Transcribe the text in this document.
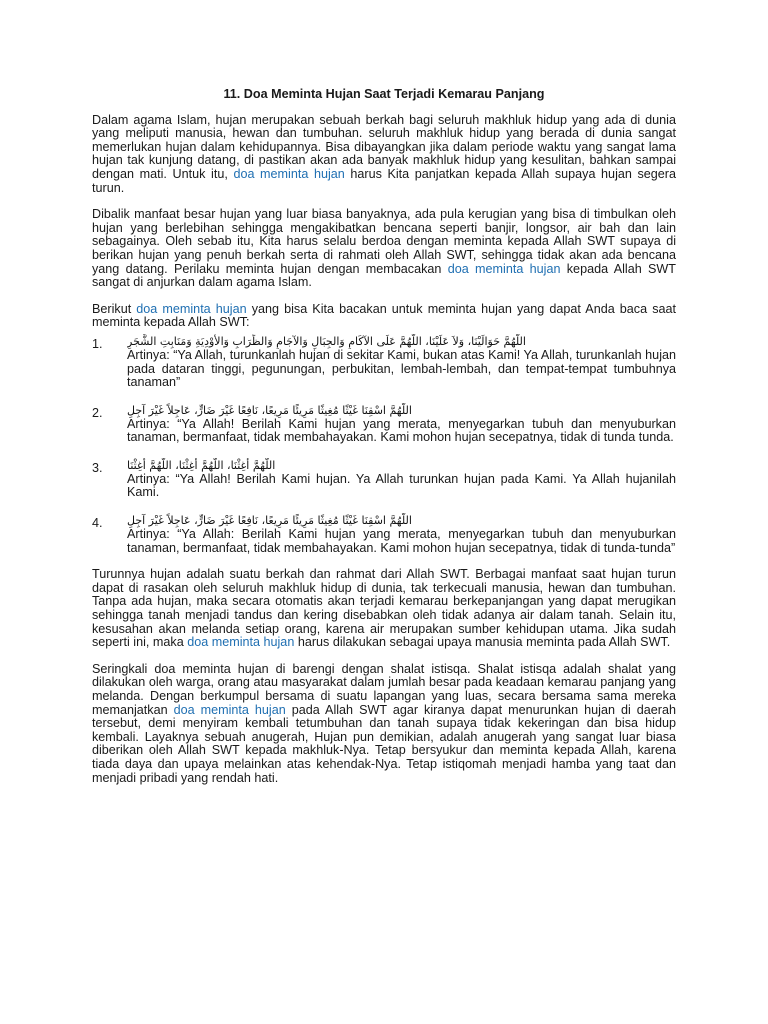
11. Doa Meminta Hujan Saat Terjadi Kemarau Panjang

Dalam agama Islam, hujan merupakan sebuah berkah bagi seluruh makhluk hidup yang ada di dunia yang meliputi manusia, hewan dan tumbuhan. seluruh makhluk hidup yang berada di dunia sangat memerlukan hujan dalam kehidupannya. Bisa dibayangkan jika dalam periode waktu yang sangat lama hujan tak kunjung datang, di pastikan akan ada banyak makhluk hidup yang kesulitan, bahkan sampai dengan mati. Untuk itu, doa meminta hujan harus Kita panjatkan kepada Allah supaya hujan segera turun.

Dibalik manfaat besar hujan yang luar biasa banyaknya, ada pula kerugian yang bisa di timbulkan oleh hujan yang berlebihan sehingga mengakibatkan bencana seperti banjir, longsor, air bah dan lain sebagainya. Oleh sebab itu, Kita harus selalu berdoa dengan meminta kepada Allah SWT supaya di berikan hujan yang penuh berkah serta di rahmati oleh Allah SWT, sehingga tidak akan ada bencana yang datang. Perilaku meminta hujan dengan membacakan doa meminta hujan kepada Allah SWT sangat di anjurkan dalam agama Islam.

Berikut doa meminta hujan yang bisa Kita bacakan untuk meminta hujan yang dapat Anda baca saat meminta kepada Allah SWT:

1. اللَّهُمَّ حَوَالَيْنَا، وَلاَ عَلَيْنَا، اللَّهُمَّ عَلَى الآكَامِ وَالجِبَالِ وَالآجَامِ وَالظِّرَابِ وَالأَوْدِيَةِ وَمَنَابِتِ الشَّجَرِ
Artinya: “Ya Allah, turunkanlah hujan di sekitar Kami, bukan atas Kami! Ya Allah, turunkanlah hujan pada dataran tinggi, pegunungan, perbukitan, lembah-lembah, dan tempat-tempat tumbuhnya tanaman”
2. اللَّهُمَّ اسْقِنَا غَيْثًا مُغِيثًا مَرِيئًا مَرِيعًا، نَافِعًا غَيْرَ ضَارٍّ، عَاجِلاً غَيْرَ آجِلٍ
Artinya: “Ya Allah! Berilah Kami hujan yang merata, menyegarkan tubuh dan menyuburkan tanaman, bermanfaat, tidak membahayakan. Kami mohon hujan secepatnya, tidak di tunda tunda.
3. اللَّهُمَّ أَغِثْنَا، اللَّهُمَّ أَغِثْنَا، اللَّهُمَّ أَغِثْنَا
Artinya: “Ya Allah! Berilah Kami hujan. Ya Allah turunkan hujan pada Kami. Ya Allah hujanilah Kami.
4. اللَّهُمَّ اسْقِنَا غَيْثًا مُغِيثًا مَرِيئًا مَرِيعًا، نَافِعًا غَيْرَ ضَارٍّ، عَاجِلاً غَيْرَ آجِلٍ
Artinya: “Ya Allah: Berilah Kami hujan yang merata, menyegarkan tubuh dan menyuburkan tanaman, bermanfaat, tidak membahayakan. Kami mohon hujan secepatnya, tidak di tunda-tunda”

Turunnya hujan adalah suatu berkah dan rahmat dari Allah SWT. Berbagai manfaat saat hujan turun dapat di rasakan oleh seluruh makhluk hidup di dunia, tak terkecuali manusia, hewan dan tumbuhan. Tanpa ada hujan, maka secara otomatis akan terjadi kemarau berkepanjangan yang dapat merugikan sehingga tanah menjadi tandus dan kering disebabkan oleh tidak adanya air dalam tanah. Selain itu, kesusahan akan melanda setiap orang, karena air merupakan sumber kehidupan utama. Jika sudah seperti ini, maka doa meminta hujan harus dilakukan sebagai upaya manusia meminta pada Allah SWT.

Seringkali doa meminta hujan di barengi dengan shalat istisqa. Shalat istisqa adalah shalat yang dilakukan oleh warga, orang atau masyarakat dalam jumlah besar pada keadaan kemarau panjang yang melanda. Dengan berkumpul bersama di suatu lapangan yang luas, secara bersama sama mereka memanjatkan doa meminta hujan pada Allah SWT agar kiranya dapat menurunkan hujan di daerah tersebut, demi menyiram kembali tetumbuhan dan tanah supaya tidak kekeringan dan bisa hidup kembali. Layaknya sebuah anugerah, Hujan pun demikian, adalah anugerah yang sangat luar biasa diberikan oleh Allah SWT kepada makhluk-Nya. Tetap bersyukur dan meminta kepada Allah, karena tiada daya dan upaya melainkan atas kehendak-Nya. Tetap istiqomah menjadi hamba yang taat dan menjadi pribadi yang rendah hati.
